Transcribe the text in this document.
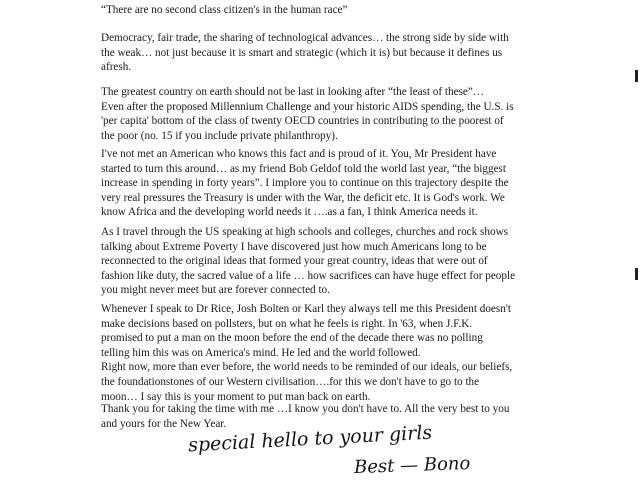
“There are no second class citizen's in the human race”

Democracy, fair trade, the sharing of technological advances… the strong side by side with
the weak… not just because it is smart and strategic (which it is) but because it defines us
afresh.

The greatest country on earth should not be last in looking after “the least of these”…
Even after the proposed Millennium Challenge and your historic AIDS spending, the U.S. is
'per capita' bottom of the class of twenty OECD countries in contributing to the poorest of
the poor (no. 15 if you include private philanthropy).

I've not met an American who knows this fact and is proud of it. You, Mr President have
started to turn this around… as my friend Bob Geldof told the world last year, “the biggest
increase in spending in forty years”. I implore you to continue on this trajectory despite the
very real pressures the Treasury is under with the War, the deficit etc. It is God's work. We
know Africa and the developing world needs it ….as a fan, I think America needs it.

As I travel through the US speaking at high schools and colleges, churches and rock shows
talking about Extreme Poverty I have discovered just how much Americans long to be
reconnected to the original ideas that formed your great country, ideas that were out of
fashion like duty, the sacred value of a life … how sacrifices can have huge effect for people
you might never meet but are forever connected to.

Whenever I speak to Dr Rice, Josh Bolten or Karl they always tell me this President doesn't
make decisions based on pollsters, but on what he feels is right. In '63, when J.F.K.
promised to put a man on the moon before the end of the decade there was no polling
telling him this was on America's mind. He led and the world followed.
Right now, more than ever before, the world needs to be reminded of our ideals, our beliefs,
the foundationstones of our Western civilisation….for this we don't have to go to the
moon… I say this is your moment to put man back on earth.

Thank you for taking the time with me …I know you don't have to. All the very best to you
and yours for the New Year.

special hello to your girls
Best — Bono
